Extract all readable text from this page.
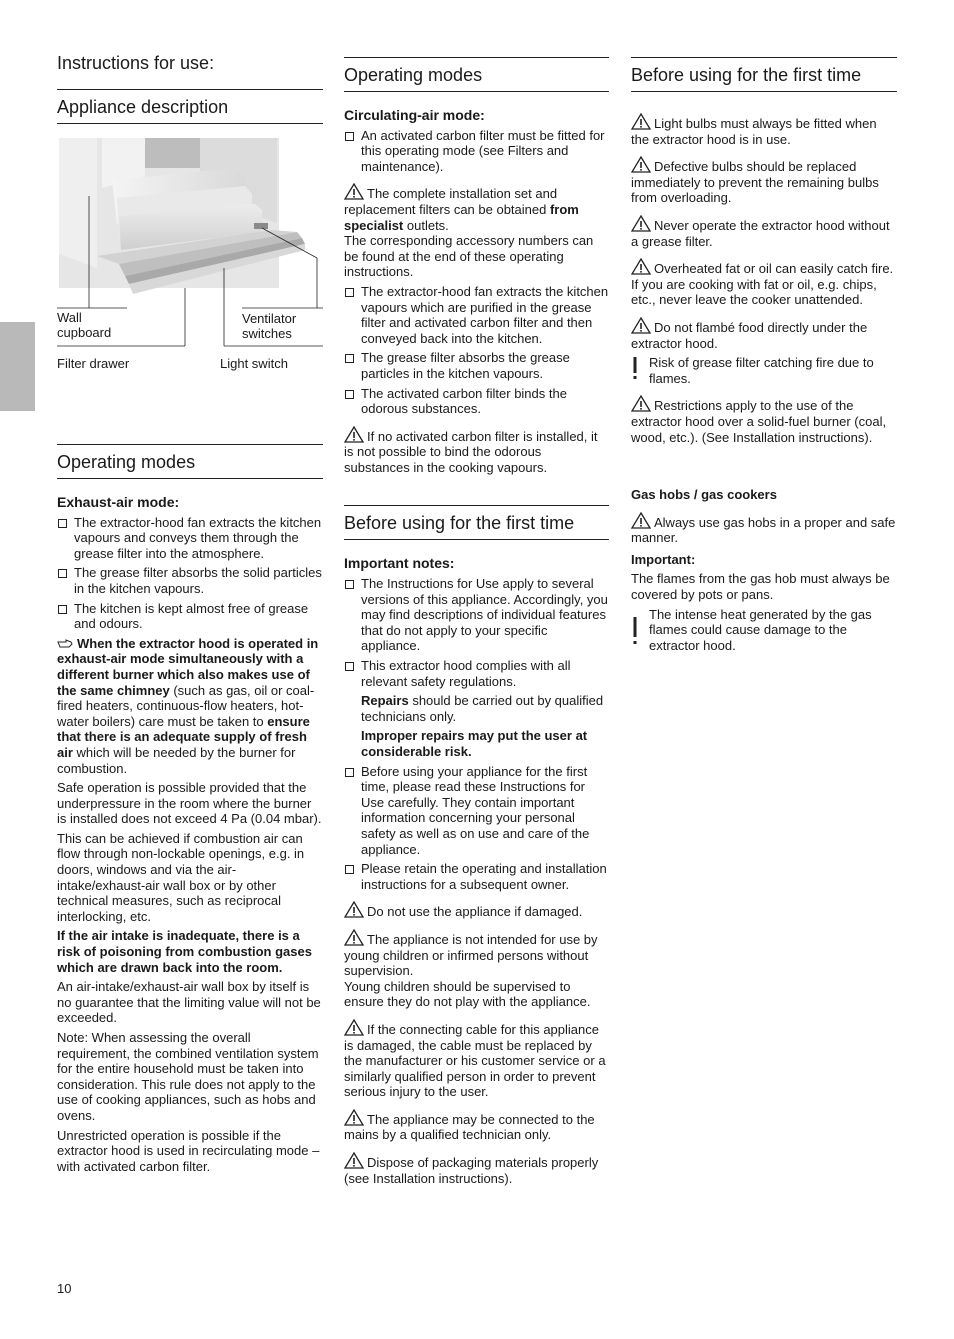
Instructions for use:
Appliance description
Wall
cupboard
Ventilator
switches
Filter drawer	Light switch
Operating modes
Exhaust-air mode:
The extractor-hood fan extracts the kitchen vapours and conveys them through the grease filter into the atmosphere.
The grease filter absorbs the solid particles in the kitchen vapours.
The kitchen is kept almost free of grease and odours.

When the extractor hood is operated in exhaust-air mode simultaneously with a different burner which also makes use of the same chimney (such as gas, oil or coal-fired heaters, continuous-flow heaters, hot-water boilers) care must be taken to ensure that there is an adequate supply of fresh air which will be needed by the burner for combustion.

Safe operation is possible provided that the underpressure in the room where the burner is installed does not exceed 4 Pa (0.04 mbar).

This can be achieved if combustion air can flow through non-lockable openings, e.g. in doors, windows and via the air-intake/exhaust-air wall box or by other technical measures, such as reciprocal interlocking, etc.

If the air intake is inadequate, there is a risk of poisoning from combustion gases which are drawn back into the room.

An air-intake/exhaust-air wall box by itself is no guarantee that the limiting value will not be exceeded.

Note: When assessing the overall requirement, the combined ventilation system for the entire household must be taken into consideration. This rule does not apply to the use of cooking appliances, such as hobs and ovens.

Unrestricted operation is possible if the extractor hood is used in recirculating mode – with activated carbon filter.

Operating modes
Circulating-air mode:
An activated carbon filter must be fitted for this operating mode (see Filters and maintenance).
The complete installation set and replacement filters can be obtained from specialist outlets.
The corresponding accessory numbers can be found at the end of these operating instructions.
The extractor-hood fan extracts the kitchen vapours which are purified in the grease filter and activated carbon filter and then conveyed back into the kitchen.
The grease filter absorbs the grease particles in the kitchen vapours.
The activated carbon filter binds the odorous substances.
If no activated carbon filter is installed, it is not possible to bind the odorous substances in the cooking vapours.
Before using for the first time
Important notes:
The Instructions for Use apply to several versions of this appliance. Accordingly, you may find descriptions of individual features that do not apply to your specific appliance.
This extractor hood complies with all relevant safety regulations.
Repairs should be carried out by qualified technicians only.
Improper repairs may put the user at considerable risk.
Before using your appliance for the first time, please read these Instructions for Use carefully. They contain important information concerning your personal safety as well as on use and care of the appliance.
Please retain the operating and installation instructions for a subsequent owner.
Do not use the appliance if damaged.
The appliance is not intended for use by young children or infirmed persons without supervision.
Young children should be supervised to ensure they do not play with the appliance.
If the connecting cable for this appliance is damaged, the cable must be replaced by the manufacturer or his customer service or a similarly qualified person in order to prevent serious injury to the user.
The appliance may be connected to the mains by a qualified technician only.
Dispose of packaging materials properly (see Installation instructions).
Before using for the first time
Light bulbs must always be fitted when the extractor hood is in use.
Defective bulbs should be replaced immediately to prevent the remaining bulbs from overloading.
Never operate the extractor hood without a grease filter.
Overheated fat or oil can easily catch fire.
If you are cooking with fat or oil, e.g. chips, etc., never leave the cooker unattended.
Do not flambé food directly under the extractor hood.
Risk of grease filter catching fire due to flames.
Restrictions apply to the use of the extractor hood over a solid-fuel burner (coal, wood, etc.). (See Installation instructions).
Gas hobs / gas cookers
Always use gas hobs in a proper and safe manner.

Important:

The flames from the gas hob must always be covered by pots or pans.

The intense heat generated by the gas flames could cause damage to the extractor hood.
10
